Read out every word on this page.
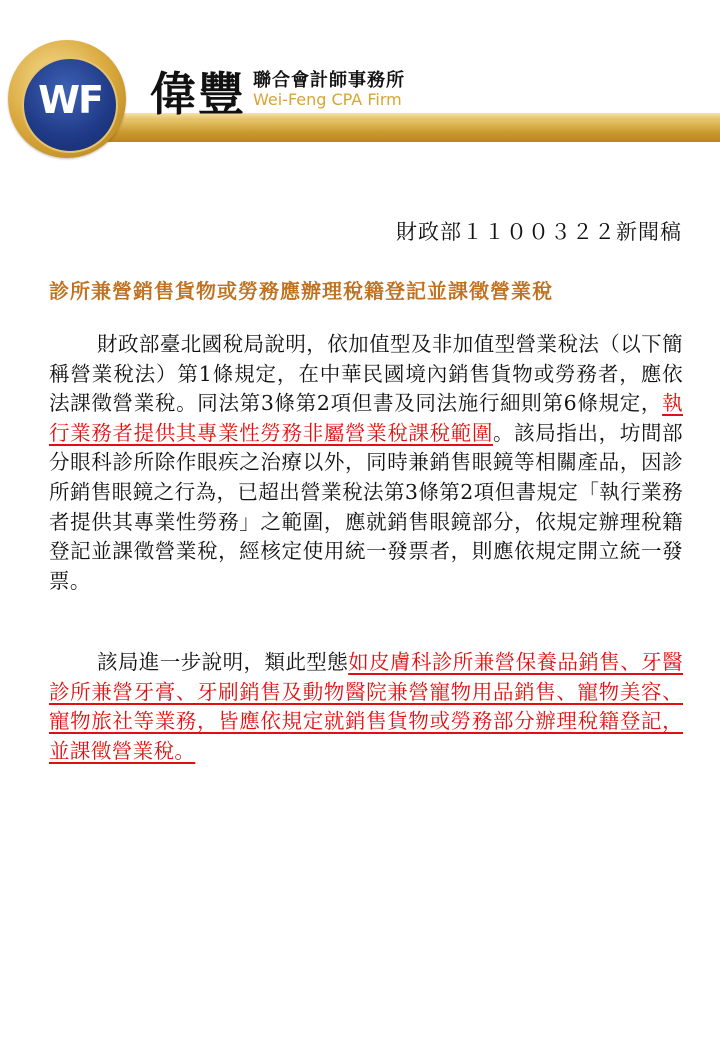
WF 偉豐 聯合會計師事務所
Wei-Feng CPA Firm
財政部１１００３２２新聞稿
診所兼營銷售貨物或勞務應辦理稅籍登記並課徵營業稅

財政部臺北國稅局說明，依加值型及非加值型營業稅法（以下簡稱營業稅法）第1條規定，在中華民國境內銷售貨物或勞務者，應依法課徵營業稅。同法第3條第2項但書及同法施行細則第6條規定，執行業務者提供其專業性勞務非屬營業稅課稅範圍。該局指出，坊間部分眼科診所除作眼疾之治療以外，同時兼銷售眼鏡等相關產品，因診所銷售眼鏡之行為，已超出營業稅法第3條第2項但書規定「執行業務者提供其專業性勞務」之範圍，應就銷售眼鏡部分，依規定辦理稅籍登記並課徵營業稅，經核定使用統一發票者，則應依規定開立統一發票。

該局進一步說明，類此型態如皮膚科診所兼營保養品銷售、牙醫診所兼營牙膏、牙刷銷售及動物醫院兼營寵物用品銷售、寵物美容、寵物旅社等業務，皆應依規定就銷售貨物或勞務部分辦理稅籍登記，並課徵營業稅。
